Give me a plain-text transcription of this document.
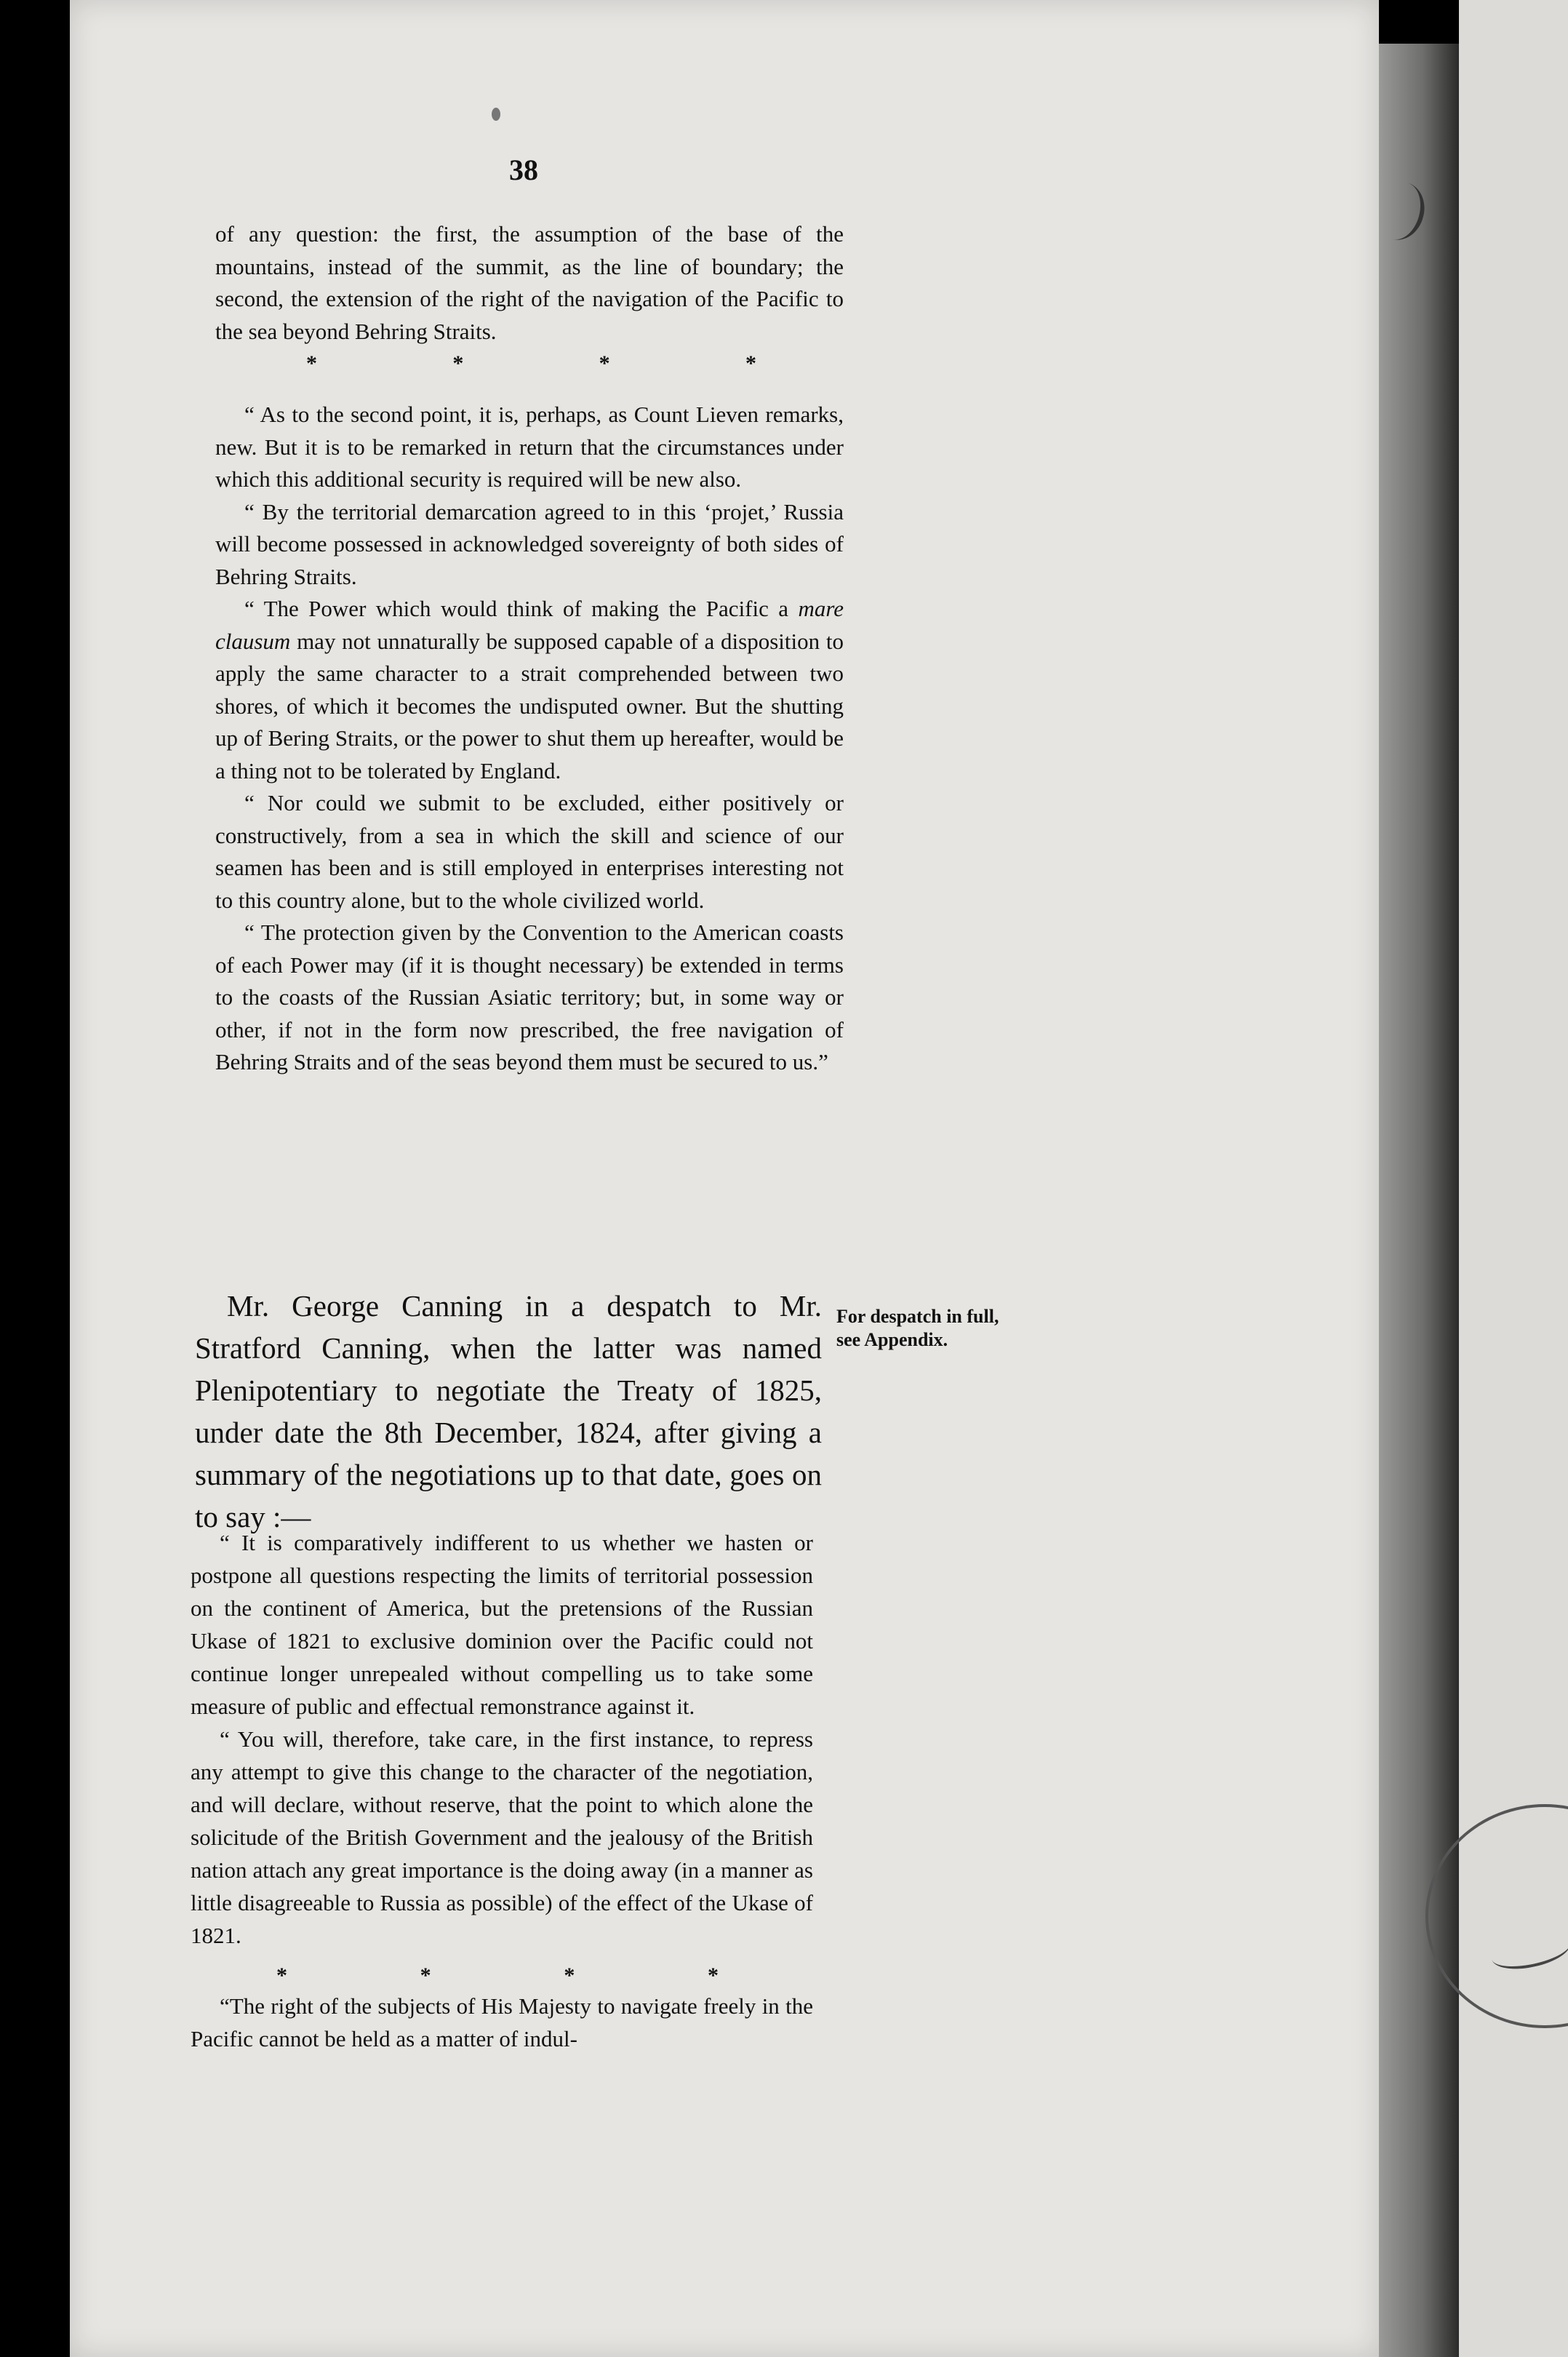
38

of any question: the first, the assumption of the base of the mountains, instead of the summit, as the line of boundary; the second, the extension of the right of the navigation of the Pacific to the sea beyond Behring Straits.

*	*	*	*

“ As to the second point, it is, perhaps, as Count Lieven remarks, new. But it is to be remarked in return that the circumstances under which this additional security is required will be new also.

“ By the territorial demarcation agreed to in this ‘projet,’ Russia will become possessed in acknowledged sovereignty of both sides of Behring Straits.

“ The Power which would think of making the Pacific a mare clausum may not unnaturally be supposed capable of a disposition to apply the same character to a strait comprehended between two shores, of which it becomes the undisputed owner. But the shutting up of Bering Straits, or the power to shut them up hereafter, would be a thing not to be tolerated by England.

“ Nor could we submit to be excluded, either positively or constructively, from a sea in which the skill and science of our seamen has been and is still employed in enterprises interesting not to this country alone, but to the whole civilized world.

“ The protection given by the Convention to the American coasts of each Power may (if it is thought necessary) be extended in terms to the coasts of the Russian Asiatic territory; but, in some way or other, if not in the form now prescribed, the free navigation of Behring Straits and of the seas beyond them must be secured to us.”

Mr. George Canning in a despatch to Mr. Stratford Canning, when the latter was named Plenipotentiary to negotiate the Treaty of 1825, under date the 8th December, 1824, after giving a summary of the negotiations up to that date, goes on to say :—

For despatch in full, see Appendix.

“ It is comparatively indifferent to us whether we hasten or postpone all questions respecting the limits of territorial possession on the continent of America, but the pretensions of the Russian Ukase of 1821 to exclusive dominion over the Pacific could not continue longer unrepealed without compelling us to take some measure of public and effectual remonstrance against it.

“ You will, therefore, take care, in the first instance, to repress any attempt to give this change to the character of the negotiation, and will declare, without reserve, that the point to which alone the solicitude of the British Government and the jealousy of the British nation attach any great importance is the doing away (in a manner as little disagreeable to Russia as possible) of the effect of the Ukase of 1821.

*	*	*	*

“The right of the subjects of His Majesty to navigate freely in the Pacific cannot be held as a matter of indul-
